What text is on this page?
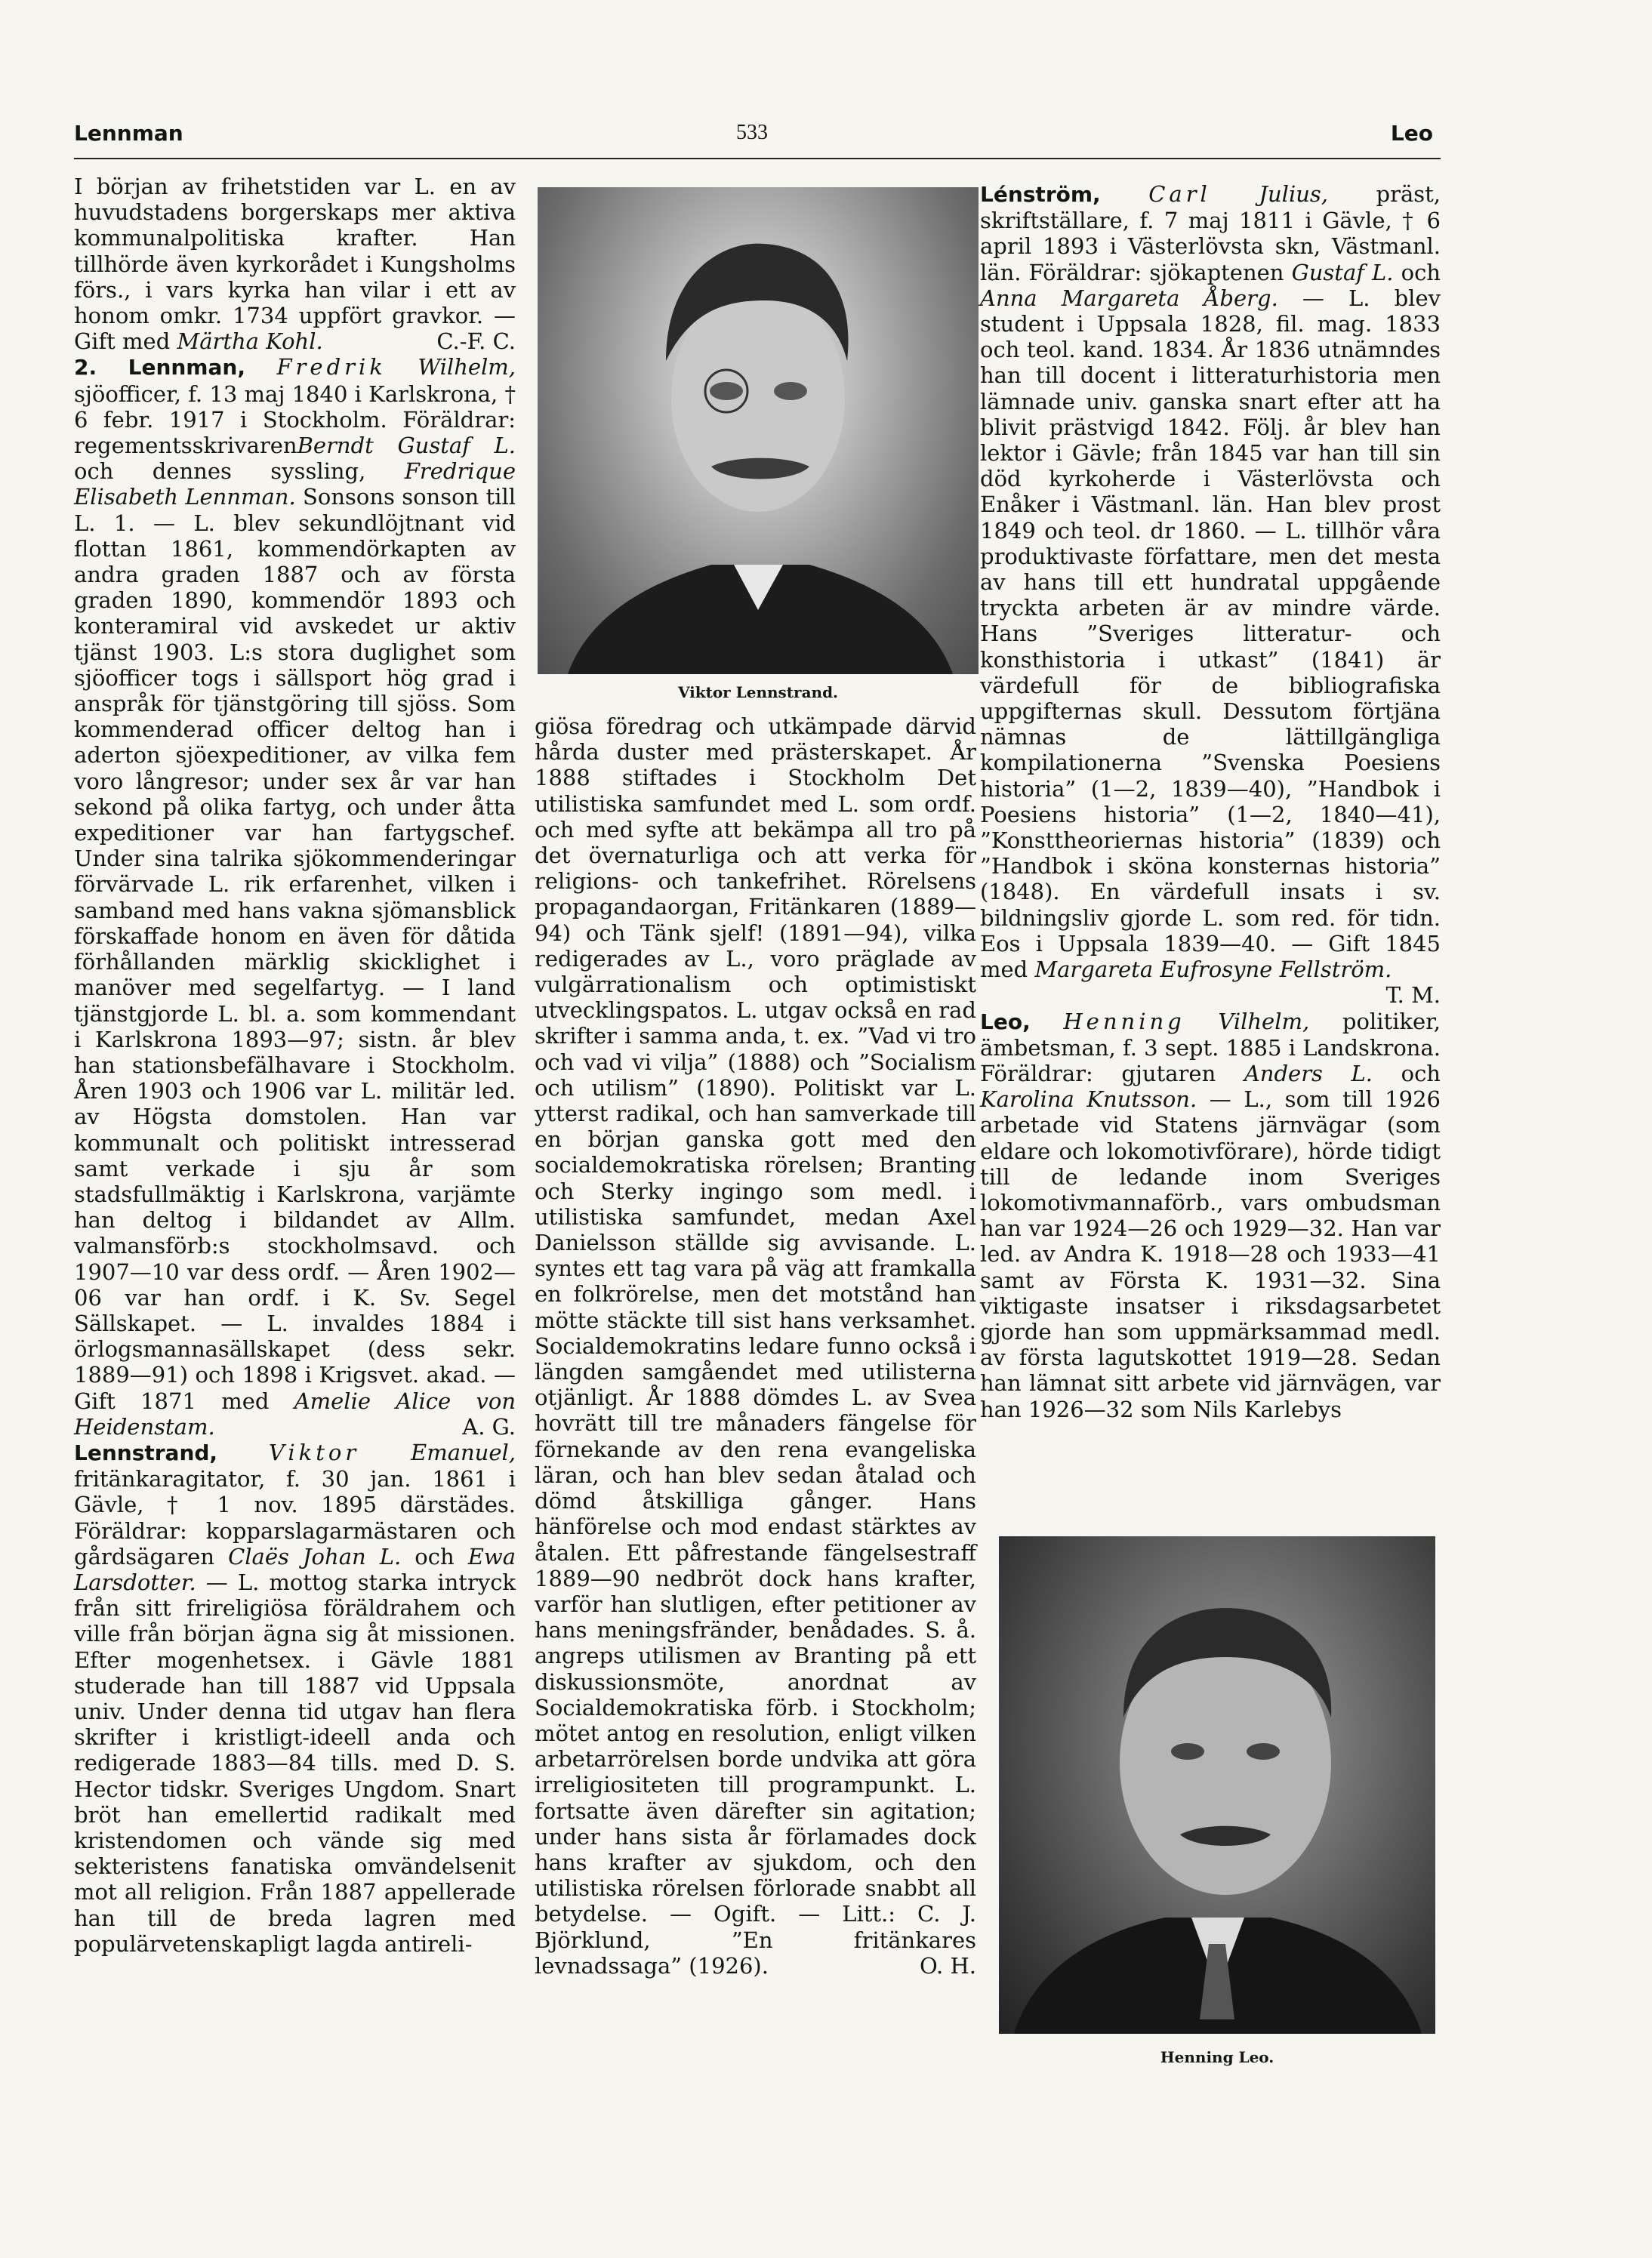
Lennman	533	Leo

I början av frihetstiden var L. en av huvudstadens borgerskaps mer aktiva kommunalpolitiska krafter. Han tillhörde även kyrkorådet i Kungsholms förs., i vars kyrka han vilar i ett av honom omkr. 1734 uppfört gravkor. — Gift med Märtha Kohl.	C.-F. C.

2. Lennman, Fredrik Wilhelm, sjöofficer, f. 13 maj 1840 i Karlskrona, † 6 febr. 1917 i Stockholm. Föräldrar: regementsskrivarenBerndt Gustaf L. och dennes syssling, Fredrique Elisabeth Lennman. Sonsons sonson till L. 1. — L. blev sekundlöjtnant vid flottan 1861, kommendörkapten av andra graden 1887 och av första graden 1890, kommendör 1893 och konteramiral vid avskedet ur aktiv tjänst 1903. L:s stora duglighet som sjöofficer togs i sällsport hög grad i anspråk för tjänstgöring till sjöss. Som kommenderad officer deltog han i aderton sjöexpeditioner, av vilka fem voro långresor; under sex år var han sekond på olika fartyg, och under åtta expeditioner var han fartygschef. Under sina talrika sjökommenderingar förvärvade L. rik erfarenhet, vilken i samband med hans vakna sjömansblick förskaffade honom en även för dåtida förhållanden märklig skicklighet i manöver med segelfartyg. — I land tjänstgjorde L. bl. a. som kommendant i Karlskrona 1893—97; sistn. år blev han stationsbefälhavare i Stockholm. Åren 1903 och 1906 var L. militär led. av Högsta domstolen. Han var kommunalt och politiskt intresserad samt verkade i sju år som stadsfullmäktig i Karlskrona, varjämte han deltog i bildandet av Allm. valmansförb:s stockholmsavd. och 1907—10 var dess ordf. — Åren 1902—06 var han ordf. i K. Sv. Segel Sällskapet. — L. invaldes 1884 i örlogsmannasällskapet (dess sekr. 1889—91) och 1898 i Krigsvet. akad. — Gift 1871 med Amelie Alice von Heidenstam.	A. G.

Lennstrand, Viktor Emanuel, fritänkaragitator, f. 30 jan. 1861 i Gävle, † 1 nov. 1895 därstädes. Föräldrar: kopparslagarmästaren och gårdsägaren Claës Johan L. och Ewa Larsdotter. — L. mottog starka intryck från sitt frireligiösa föräldrahem och ville från början ägna sig åt missionen. Efter mogenhetsex. i Gävle 1881 studerade han till 1887 vid Uppsala univ. Under denna tid utgav han flera skrifter i kristligt-ideell anda och redigerade 1883—84 tills. med D. S. Hector tidskr. Sveriges Ungdom. Snart bröt han emellertid radikalt med kristendomen och vände sig med sekteristens fanatiska omvändelsenit mot all religion. Från 1887 appellerade han till de breda lagren med populärvetenskapligt lagda antireli-

Viktor Lennstrand.

giösa föredrag och utkämpade därvid hårda duster med prästerskapet. År 1888 stiftades i Stockholm Det utilistiska samfundet med L. som ordf. och med syfte att bekämpa all tro på det övernaturliga och att verka för religions- och tankefrihet. Rörelsens propagandaorgan, Fritänkaren (1889—94) och Tänk sjelf! (1891—94), vilka redigerades av L., voro präglade av vulgärrationalism och optimistiskt utvecklingspatos. L. utgav också en rad skrifter i samma anda, t. ex. ”Vad vi tro och vad vi vilja” (1888) och ”Socialism och utilism” (1890). Politiskt var L. ytterst radikal, och han samverkade till en början ganska gott med den socialdemokratiska rörelsen; Branting och Sterky ingingo som medl. i utilistiska samfundet, medan Axel Danielsson ställde sig avvisande. L. syntes ett tag vara på väg att framkalla en folkrörelse, men det motstånd han mötte stäckte till sist hans verksamhet. Socialdemokratins ledare funno också i längden samgåendet med utilisterna otjänligt. År 1888 dömdes L. av Svea hovrätt till tre månaders fängelse för förnekande av den rena evangeliska läran, och han blev sedan åtalad och dömd åtskilliga gånger. Hans hänförelse och mod endast stärktes av åtalen. Ett påfrestande fängelsestraff 1889—90 nedbröt dock hans krafter, varför han slutligen, efter petitioner av hans meningsfränder, benådades. S. å. angreps utilismen av Branting på ett diskussionsmöte, anordnat av Socialdemokratiska förb. i Stockholm; mötet antog en resolution, enligt vilken arbetarrörelsen borde undvika att göra irreligiositeten till programpunkt. L. fortsatte även därefter sin agitation; under hans sista år förlamades dock hans krafter av sjukdom, och den utilistiska rörelsen förlorade snabbt all betydelse. — Ogift. — Litt.: C. J. Björklund, ”En fritänkares levnadssaga” (1926).	O. H.

Lénström, Carl Julius, präst, skriftställare, f. 7 maj 1811 i Gävle, † 6 april 1893 i Västerlövsta skn, Västmanl. län. Föräldrar: sjökaptenen Gustaf L. och Anna Margareta Åberg. — L. blev student i Uppsala 1828, fil. mag. 1833 och teol. kand. 1834. År 1836 utnämndes han till docent i litteraturhistoria men lämnade univ. ganska snart efter att ha blivit prästvigd 1842. Följ. år blev han lektor i Gävle; från 1845 var han till sin död kyrkoherde i Västerlövsta och Enåker i Västmanl. län. Han blev prost 1849 och teol. dr 1860. — L. tillhör våra produktivaste författare, men det mesta av hans till ett hundratal uppgående tryckta arbeten är av mindre värde. Hans ”Sveriges litteratur- och konsthistoria i utkast” (1841) är värdefull för de bibliografiska uppgifternas skull. Dessutom förtjäna nämnas de lättillgängliga kompilationerna ”Svenska Poesiens historia” (1—2, 1839—40), ”Handbok i Poesiens historia” (1—2, 1840—41), ”Konsttheoriernas historia” (1839) och ”Handbok i sköna konsternas historia” (1848). En värdefull insats i sv. bildningsliv gjorde L. som red. för tidn. Eos i Uppsala 1839—40. — Gift 1845 med Margareta Eufrosyne Fellström.
T. M.

Leo, Henning Vilhelm, politiker, ämbetsman, f. 3 sept. 1885 i Landskrona. Föräldrar: gjutaren Anders L. och Karolina Knutsson. — L., som till 1926 arbetade vid Statens järnvägar (som eldare och lokomotivförare), hörde tidigt till de ledande inom Sveriges lokomotivmannaförb., vars ombudsman han var 1924—26 och 1929—32. Han var led. av Andra K. 1918—28 och 1933—41 samt av Första K. 1931—32. Sina viktigaste insatser i riksdagsarbetet gjorde han som uppmärksammad medl. av första lagutskottet 1919—28. Sedan han lämnat sitt arbete vid järnvägen, var han 1926—32 som Nils Karlebys

Henning Leo.
